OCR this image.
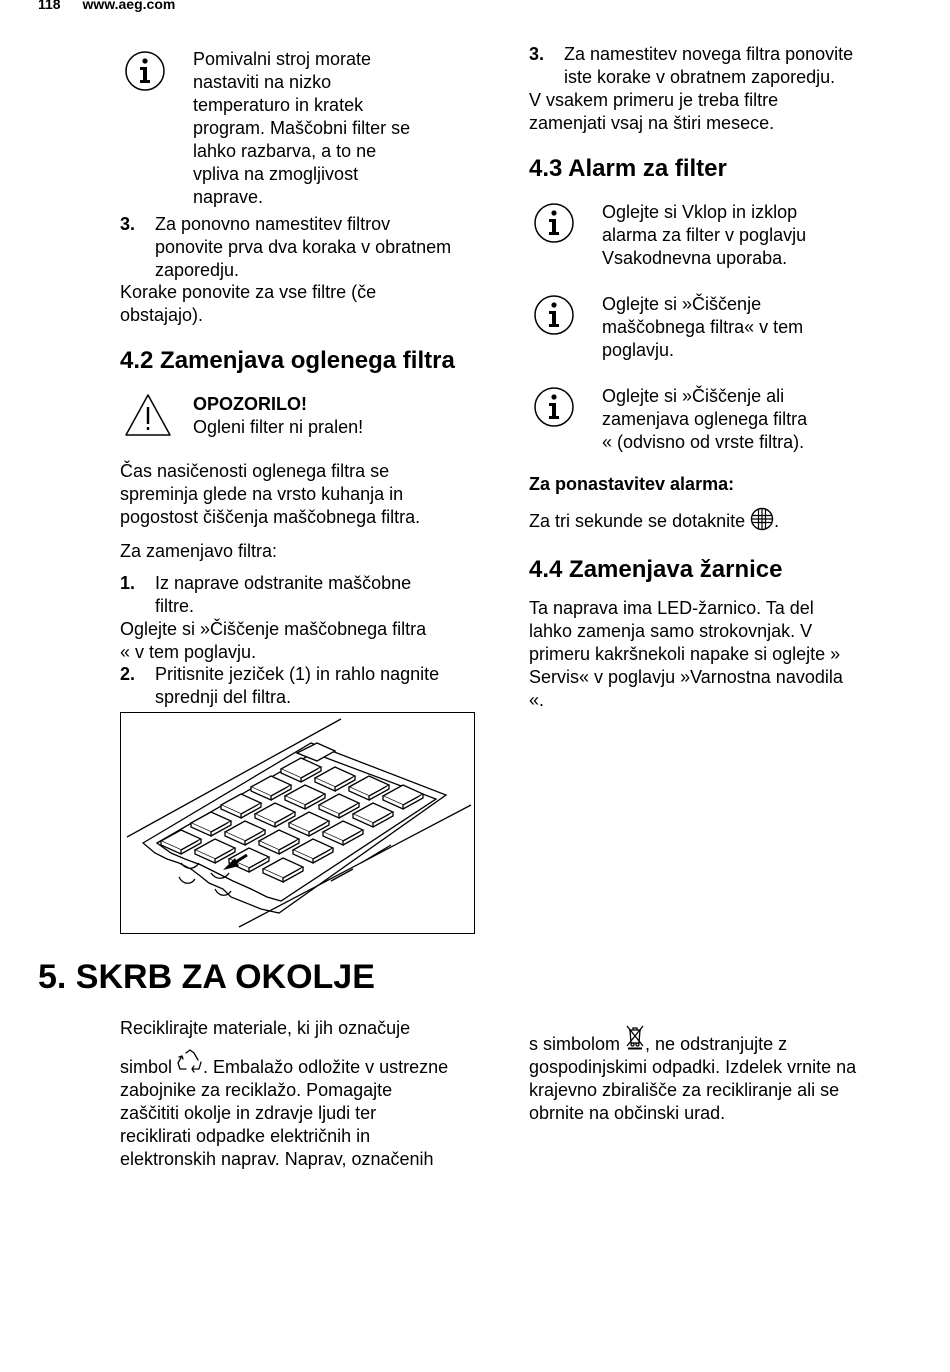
118 www.aeg.com
Pomivalni stroj morate
nastaviti na nizko
temperaturo in kratek
program. Maščobni filter se
lahko razbarva, a to ne
vpliva na zmogljivost
naprave.
3. Za ponovno namestitev filtrov
ponovite prva dva koraka v obratnem
zaporedju.
Korake ponovite za vse filtre (če
obstajajo).
4.2 Zamenjava oglenega filtra
OPOZORILO!
Ogleni filter ni pralen!
Čas nasičenosti oglenega filtra se
spreminja glede na vrsto kuhanja in
pogostost čiščenja maščobnega filtra.
Za zamenjavo filtra:
1. Iz naprave odstranite maščobne
filtre.
Oglejte si »Čiščenje maščobnega filtra
« v tem poglavju.
2. Pritisnite jeziček (1) in rahlo nagnite
sprednji del filtra.
3. Za namestitev novega filtra ponovite
iste korake v obratnem zaporedju.
V vsakem primeru je treba filtre
zamenjati vsaj na štiri mesece.
4.3 Alarm za filter
Oglejte si Vklop in izklop
alarma za filter v poglavju
Vsakodnevna uporaba.
Oglejte si »Čiščenje
maščobnega filtra« v tem
poglavju.
Oglejte si »Čiščenje ali
zamenjava oglenega filtra
« (odvisno od vrste filtra).
Za ponastavitev alarma:
Za tri sekunde se dotaknite .
4.4 Zamenjava žarnice
Ta naprava ima LED-žarnico. Ta del
lahko zamenja samo strokovnjak. V
primeru kakršnekoli napake si oglejte »
Servis« v poglavju »Varnostna navodila
«.
5. SKRB ZA OKOLJE
Reciklirajte materiale, ki jih označuje
simbol . Embalažo odložite v ustrezne
zabojnike za reciklažo. Pomagajte
zaščititi okolje in zdravje ljudi ter
reciklirati odpadke električnih in
elektronskih naprav. Naprav, označenih
s simbolom , ne odstranjujte z
gospodinjskimi odpadki. Izdelek vrnite na
krajevno zbirališče za recikliranje ali se
obrnite na občinski urad.
